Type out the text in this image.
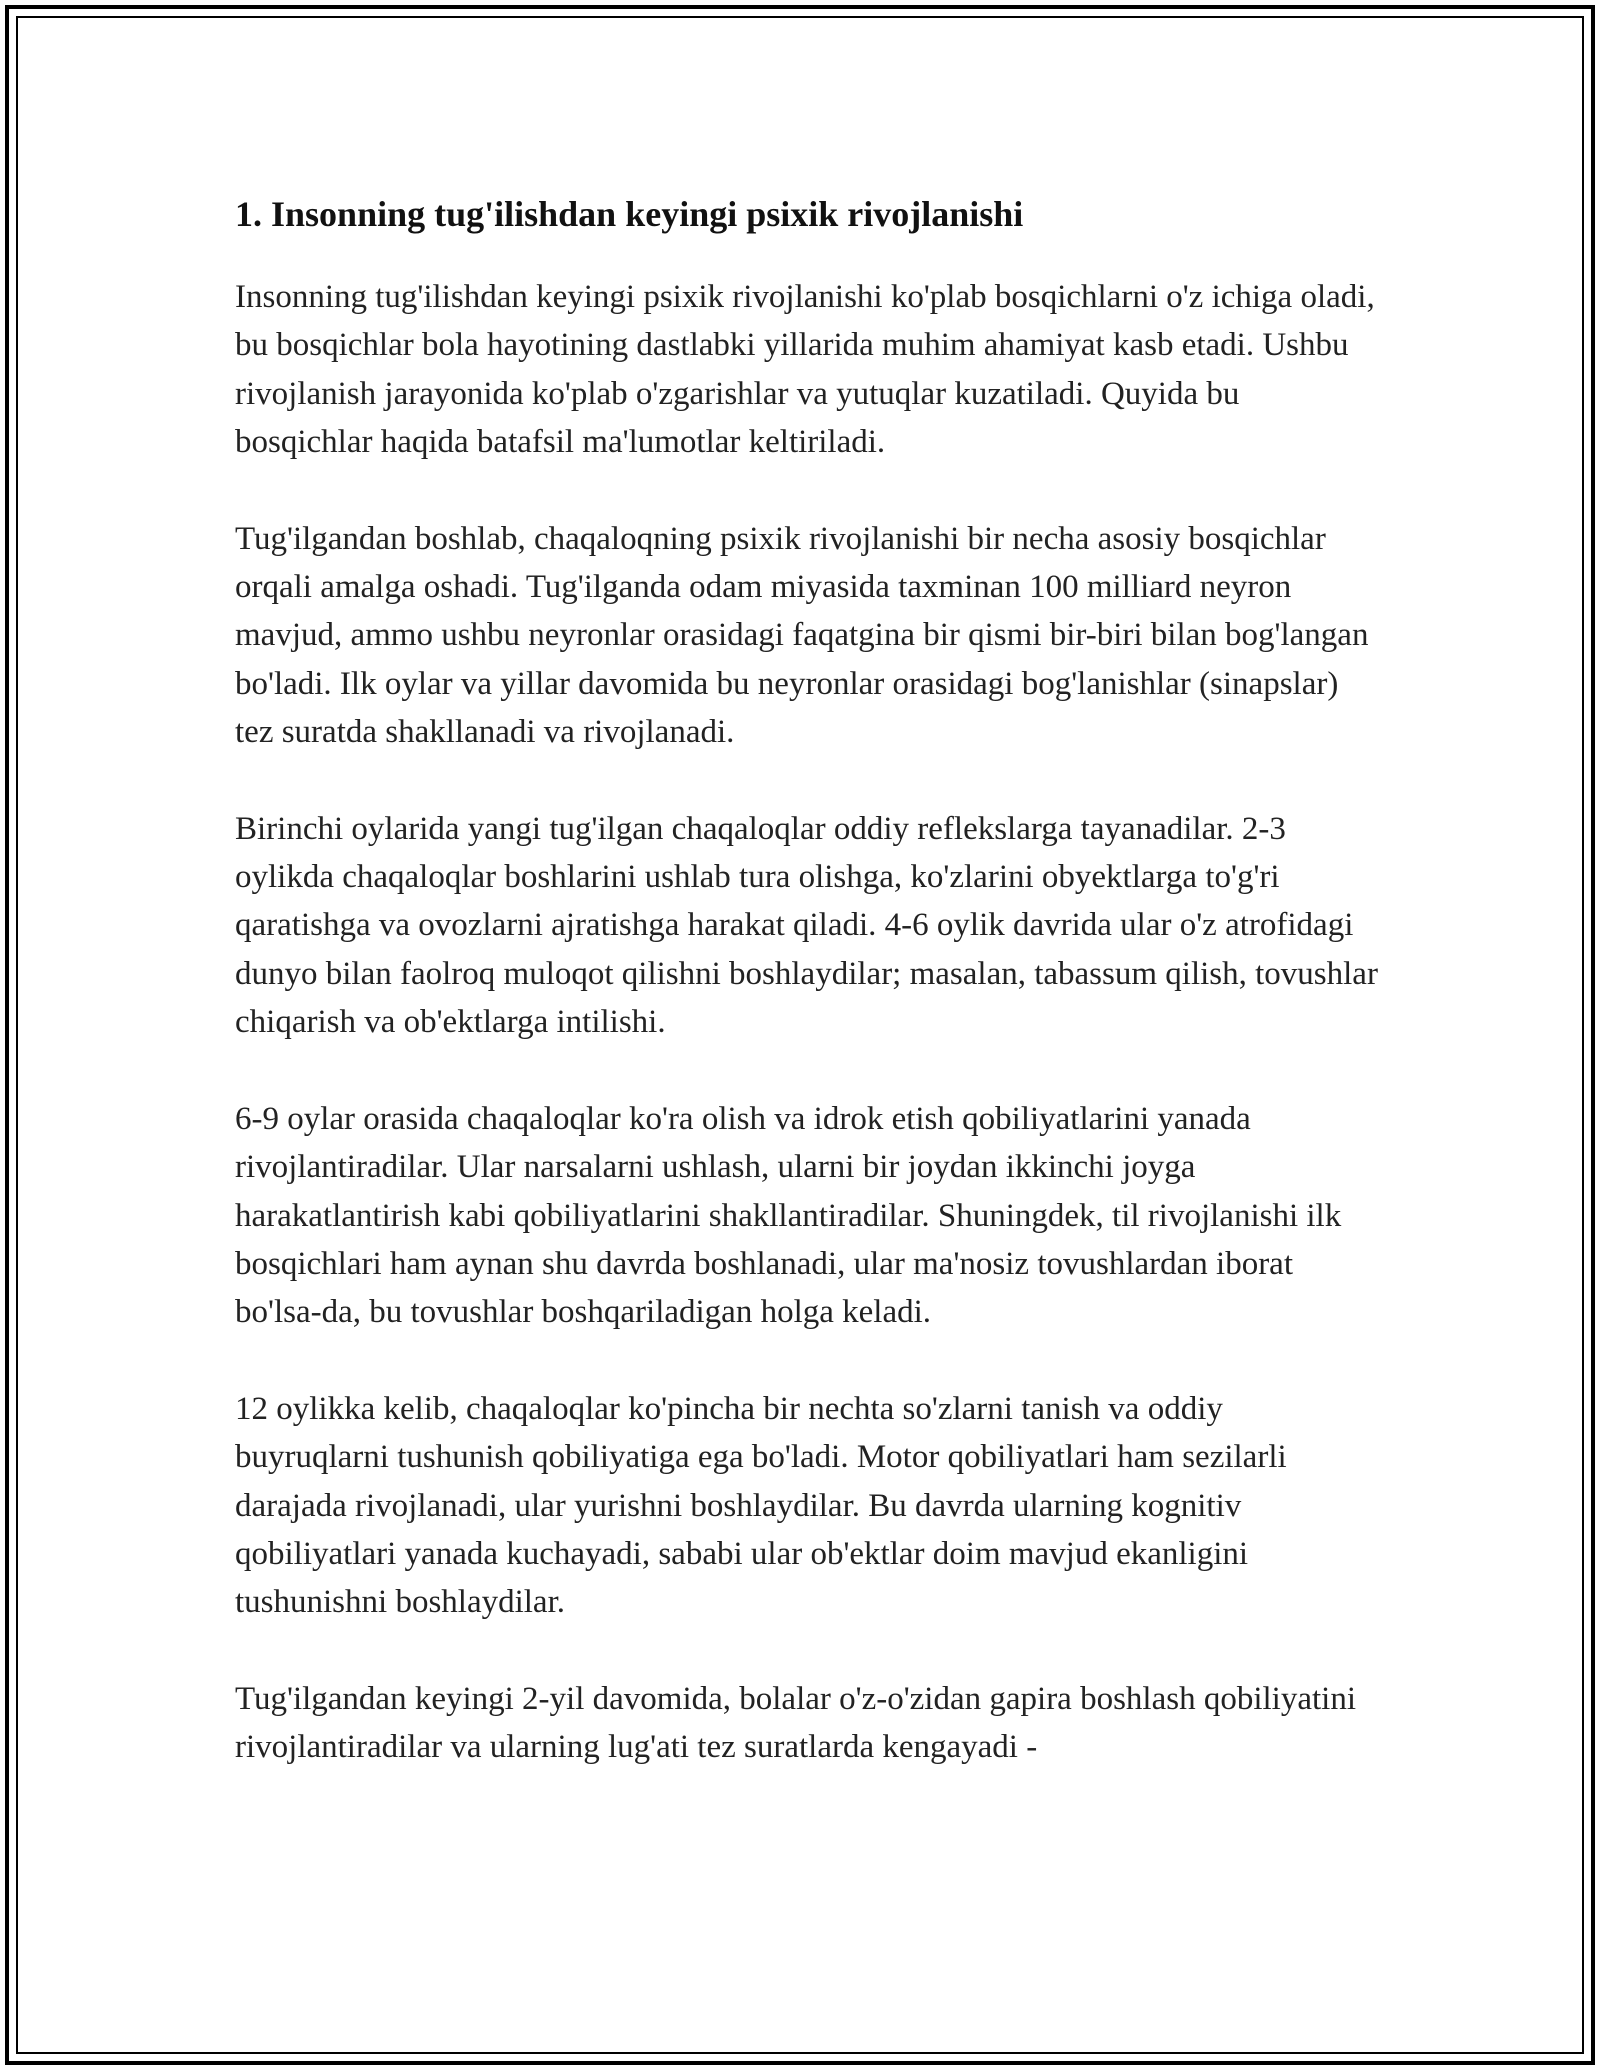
1. Insonning tug'ilishdan keyingi psixik rivojlanishi

Insonning tug'ilishdan keyingi psixik rivojlanishi ko'plab bosqichlarni o'z ichiga oladi, bu bosqichlar bola hayotining dastlabki yillarida muhim ahamiyat kasb etadi. Ushbu rivojlanish jarayonida ko'plab o'zgarishlar va yutuqlar kuzatiladi. Quyida bu bosqichlar haqida batafsil ma'lumotlar keltiriladi.

Tug'ilgandan boshlab, chaqaloqning psixik rivojlanishi bir necha asosiy bosqichlar orqali amalga oshadi. Tug'ilganda odam miyasida taxminan 100 milliard neyron mavjud, ammo ushbu neyronlar orasidagi faqatgina bir qismi bir-biri bilan bog'langan bo'ladi. Ilk oylar va yillar davomida bu neyronlar orasidagi bog'lanishlar (sinapslar) tez suratda shakllanadi va rivojlanadi.

Birinchi oylarida yangi tug'ilgan chaqaloqlar oddiy reflekslarga tayanadilar. 2-3 oylikda chaqaloqlar boshlarini ushlab tura olishga, ko'zlarini obyektlarga to'g'ri qaratishga va ovozlarni ajratishga harakat qiladi. 4-6 oylik davrida ular o'z atrofidagi dunyo bilan faolroq muloqot qilishni boshlaydilar; masalan, tabassum qilish, tovushlar chiqarish va ob'ektlarga intilishi.

6-9 oylar orasida chaqaloqlar ko'ra olish va idrok etish qobiliyatlarini yanada rivojlantiradilar. Ular narsalarni ushlash, ularni bir joydan ikkinchi joyga harakatlantirish kabi qobiliyatlarini shakllantiradilar. Shuningdek, til rivojlanishi ilk bosqichlari ham aynan shu davrda boshlanadi, ular ma'nosiz tovushlardan iborat bo'lsa-da, bu tovushlar boshqariladigan holga keladi.

12 oylikka kelib, chaqaloqlar ko'pincha bir nechta so'zlarni tanish va oddiy buyruqlarni tushunish qobiliyatiga ega bo'ladi. Motor qobiliyatlari ham sezilarli darajada rivojlanadi, ular yurishni boshlaydilar. Bu davrda ularning kognitiv qobiliyatlari yanada kuchayadi, sababi ular ob'ektlar doim mavjud ekanligini tushunishni boshlaydilar.

Tug'ilgandan keyingi 2-yil davomida, bolalar o'z-o'zidan gapira boshlash qobiliyatini rivojlantiradilar va ularning lug'ati tez suratlarda kengayadi -
